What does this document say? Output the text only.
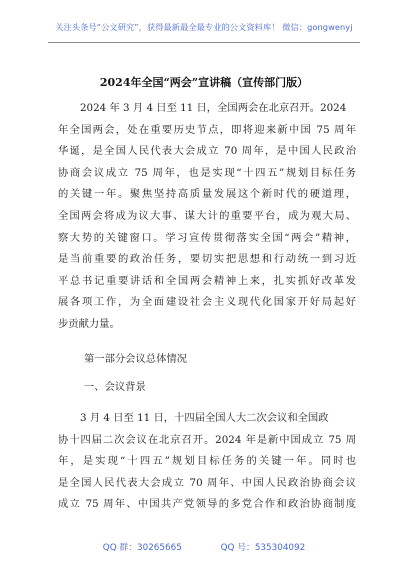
关注头条号“公文研究”，获得最新最全最专业的公文资料库！ 微信：gongwenyj
2024年全国“两会”宣讲稿（宣传部门版）
2024 年 3 月 4 日至 11 日，全国两会在北京召开。2024
年全国两会，处在重要历史节点，即将迎来新中国 75 周年
华诞，是全国人民代表大会成立 70 周年，是中国人民政治
协商会议成立 75 周年，也是实现“十四五”规划目标任务
的关键一年。聚焦坚持高质量发展这个新时代的硬道理，
全国两会将成为议大事、谋大计的重要平台，成为观大局、
察大势的关键窗口。学习宣传贯彻落实全国“两会”精神，
是当前重要的政治任务，要切实把思想和行动统一到习近
平总书记重要讲话和全国两会精神上来，扎实抓好改革发
展各项工作，为全面建设社会主义现代化国家开好局起好
步贡献力量。
第一部分会议总体情况
一、会议背景
3 月 4 日至 11 日，十四届全国人大二次会议和全国政
协十四届二次会议在北京召开。2024 年是新中国成立 75 周
年，是实现“十四五”规划目标任务的关键一年。同时也
是全国人民代表大会成立 70 周年、中国人民政治协商会议
成立 75 周年、中国共产党领导的多党合作和政治协商制度
QQ 群：30265665	QQ 号：535304092
